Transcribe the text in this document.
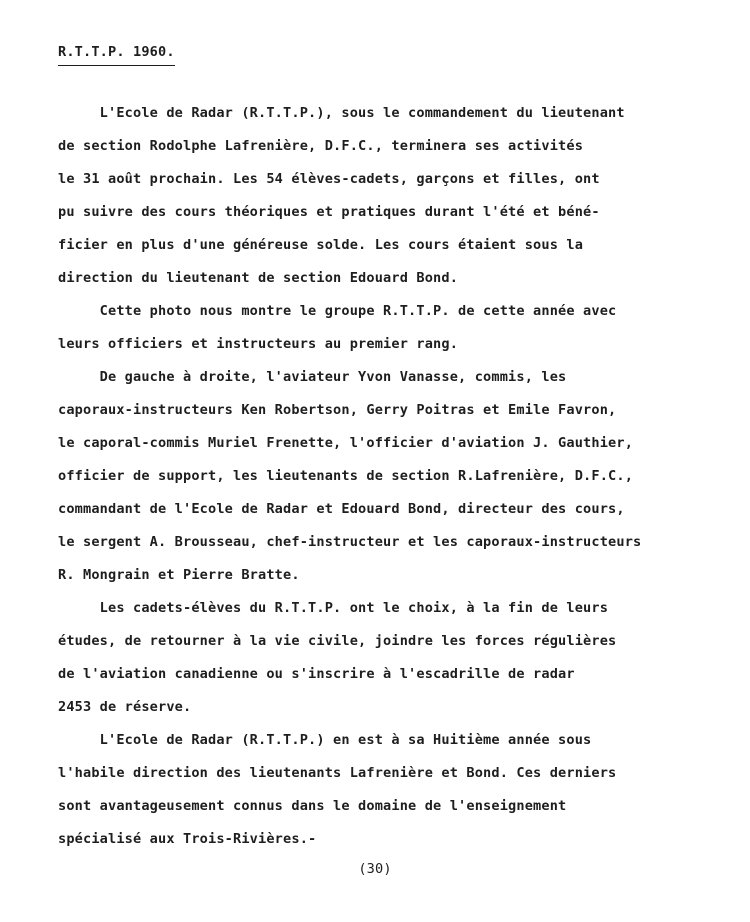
R.T.T.P. 1960.

L'Ecole de Radar (R.T.T.P.), sous le commandement du lieutenant

de section Rodolphe Lafrenière, D.F.C., terminera ses activités

le 31 août prochain. Les 54 élèves-cadets, garçons et filles, ont

pu suivre des cours théoriques et pratiques durant l'été et béné-

ficier en plus d'une généreuse solde. Les cours étaient sous la

direction du lieutenant de section Edouard Bond.

Cette photo nous montre le groupe R.T.T.P. de cette année avec

leurs officiers et instructeurs au premier rang.

De gauche à droite, l'aviateur Yvon Vanasse, commis, les

caporaux-instructeurs Ken Robertson, Gerry Poitras et Emile Favron,

le caporal-commis Muriel Frenette, l'officier d'aviation J. Gauthier,

officier de support, les lieutenants de section R.Lafrenière, D.F.C.,

commandant de l'Ecole de Radar et Edouard Bond, directeur des cours,

le sergent A. Brousseau, chef-instructeur et les caporaux-instructeurs

R. Mongrain et Pierre Bratte.

Les cadets-élèves du R.T.T.P. ont le choix, à la fin de leurs

études, de retourner à la vie civile, joindre les forces régulières

de l'aviation canadienne ou s'inscrire à l'escadrille de radar

2453 de réserve.

L'Ecole de Radar (R.T.T.P.) en est à sa Huitième année sous

l'habile direction des lieutenants Lafrenière et Bond. Ces derniers

sont avantageusement connus dans le domaine de l'enseignement

spécialisé aux Trois-Rivières.-

(30)
